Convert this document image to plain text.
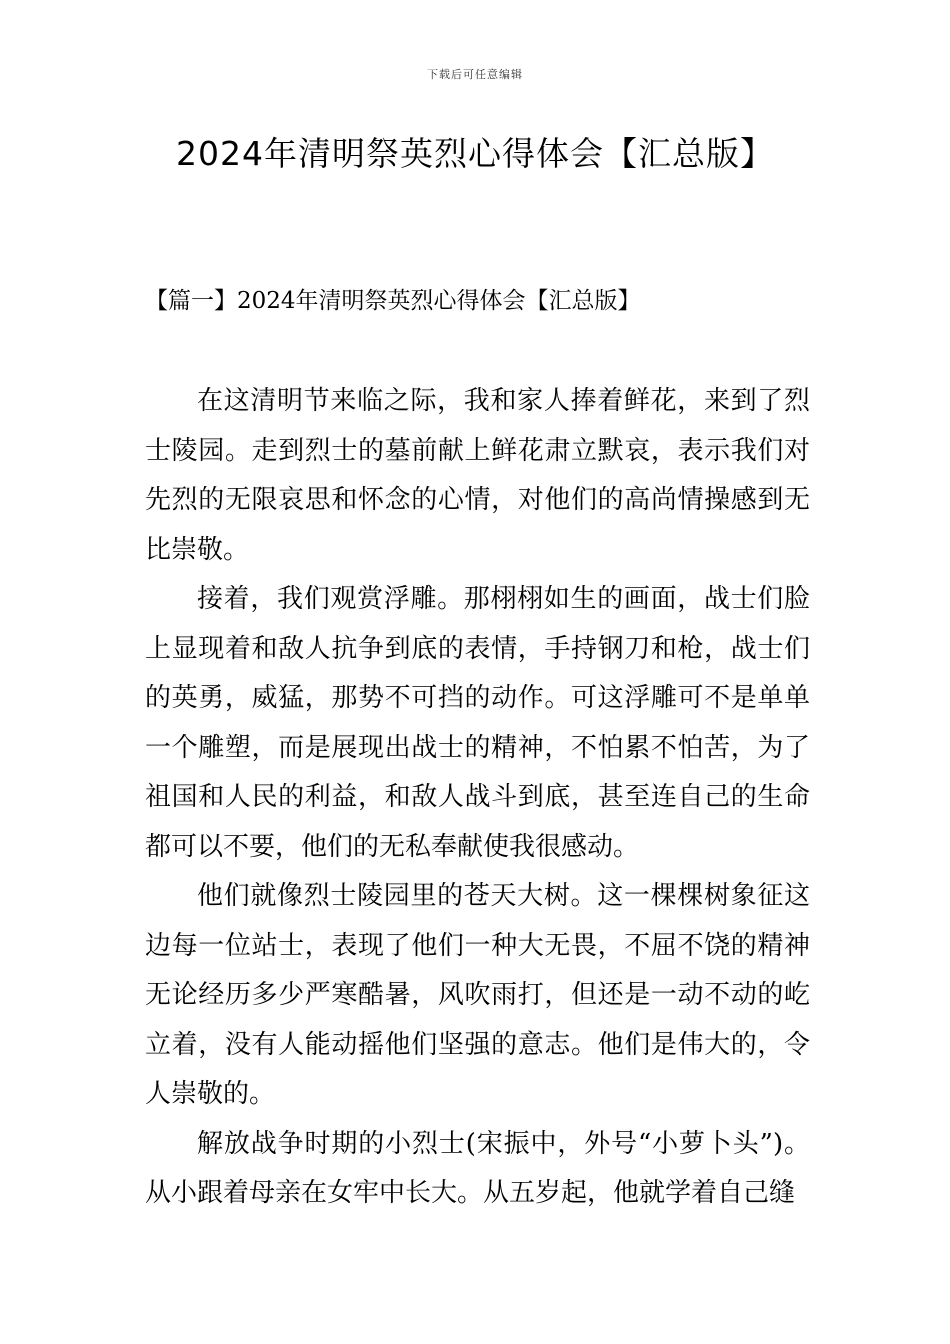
下载后可任意编辑
2024年清明祭英烈心得体会【汇总版】
【篇一】2024年清明祭英烈心得体会【汇总版】

在这清明节来临之际，我和家人捧着鲜花，来到了烈士陵园。走到烈士的墓前献上鲜花肃立默哀，表示我们对先烈的无限哀思和怀念的心情，对他们的高尚情操感到无比崇敬。

接着，我们观赏浮雕。那栩栩如生的画面，战士们脸上显现着和敌人抗争到底的表情，手持钢刀和枪，战士们的英勇，威猛，那势不可挡的动作。可这浮雕可不是单单一个雕塑，而是展现出战士的精神，不怕累不怕苦，为了祖国和人民的利益，和敌人战斗到底，甚至连自己的生命都可以不要，他们的无私奉献使我很感动。

他们就像烈士陵园里的苍天大树。这一棵棵树象征这边每一位站士，表现了他们一种大无畏，不屈不饶的精神无论经历多少严寒酷暑，风吹雨打，但还是一动不动的屹立着，没有人能动摇他们坚强的意志。他们是伟大的，令人崇敬的。

解放战争时期的小烈士(宋振中，外号“小萝卜头”)。从小跟着母亲在女牢中长大。从五岁起，他就学着自己缝
